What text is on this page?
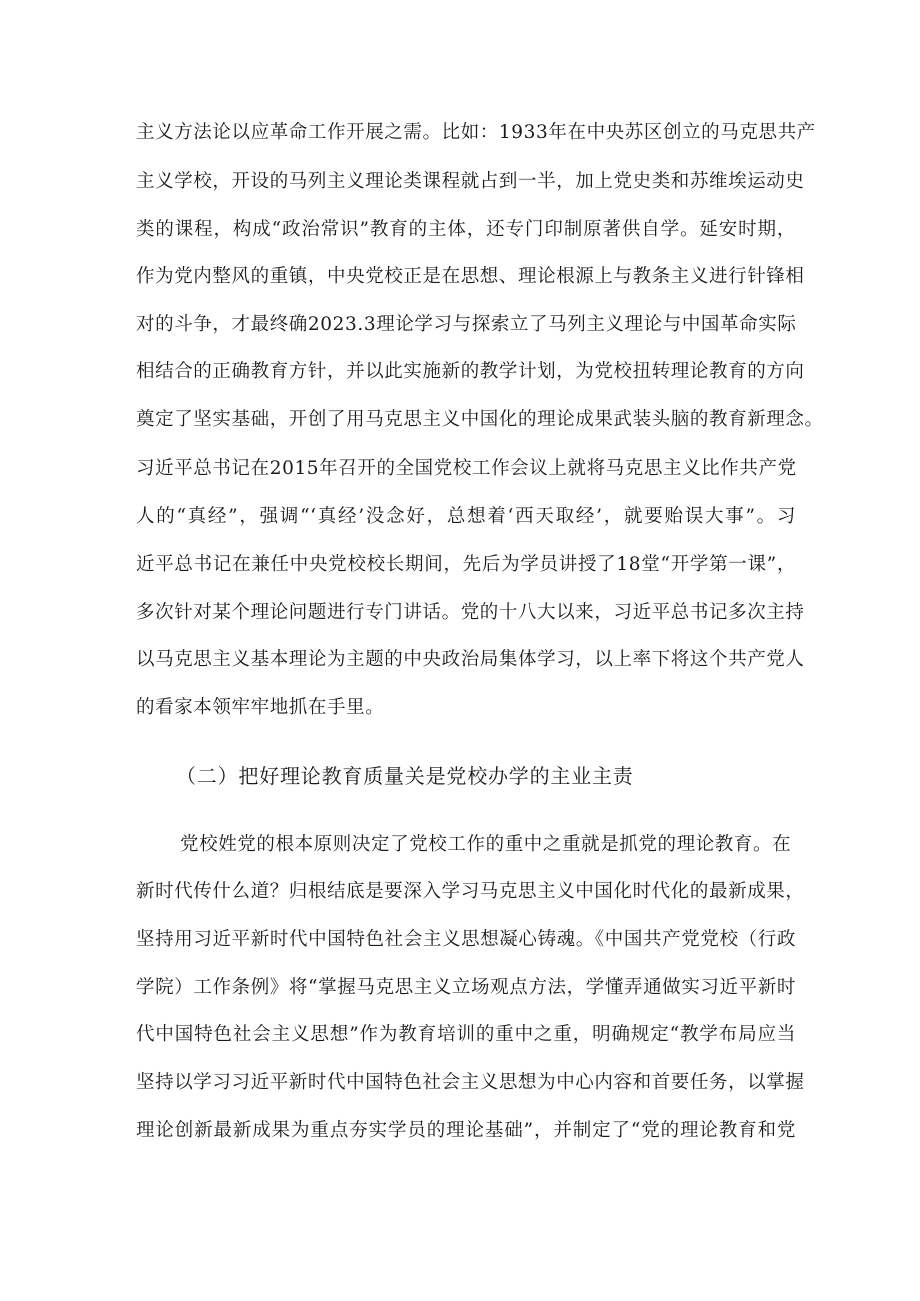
主义方法论以应革命工作开展之需。比如：1933年在中央苏区创立的马克思共产
主义学校，开设的马列主义理论类课程就占到一半，加上党史类和苏维埃运动史
类的课程，构成“政治常识”教育的主体，还专门印制原著供自学。延安时期，
作为党内整风的重镇，中央党校正是在思想、理论根源上与教条主义进行针锋相
对的斗争，才最终确2023.3理论学习与探索立了马列主义理论与中国革命实际
相结合的正确教育方针，并以此实施新的教学计划，为党校扭转理论教育的方向
奠定了坚实基础，开创了用马克思主义中国化的理论成果武装头脑的教育新理念。
习近平总书记在2015年召开的全国党校工作会议上就将马克思主义比作共产党
人的“真经”，强调“‘真经’没念好，总想着‘西天取经’，就要贻误大事”。习
近平总书记在兼任中央党校校长期间，先后为学员讲授了18堂“开学第一课”，
多次针对某个理论问题进行专门讲话。党的十八大以来，习近平总书记多次主持
以马克思主义基本理论为主题的中央政治局集体学习，以上率下将这个共产党人
的看家本领牢牢地抓在手里。
（二）把好理论教育质量关是党校办学的主业主责
党校姓党的根本原则决定了党校工作的重中之重就是抓党的理论教育。在
新时代传什么道？归根结底是要深入学习马克思主义中国化时代化的最新成果，
坚持用习近平新时代中国特色社会主义思想凝心铸魂。《中国共产党党校（行政
学院）工作条例》将“掌握马克思主义立场观点方法，学懂弄通做实习近平新时
代中国特色社会主义思想”作为教育培训的重中之重，明确规定“教学布局应当
坚持以学习习近平新时代中国特色社会主义思想为中心内容和首要任务，以掌握
理论创新最新成果为重点夯实学员的理论基础”，并制定了“党的理论教育和党
